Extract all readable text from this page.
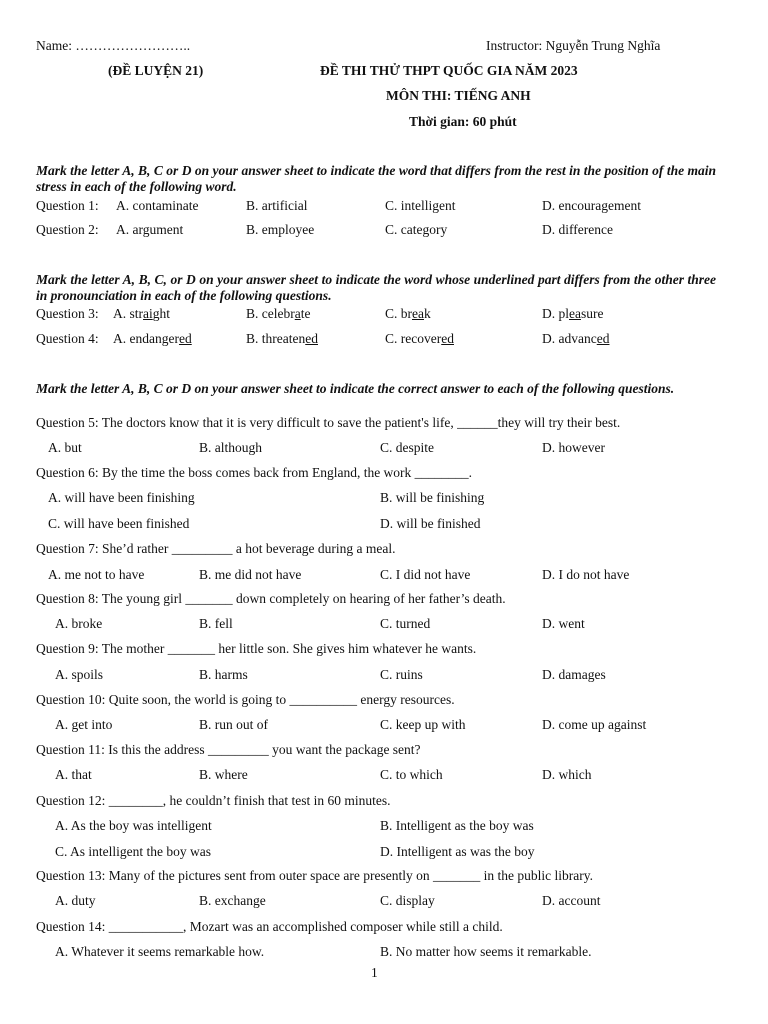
Name: ……………………..	Instructor: Nguyễn Trung Nghĩa
(ĐỀ LUYỆN 21)	ĐỀ THI THỬ THPT QUỐC GIA NĂM 2023
MÔN THI: TIẾNG ANH
Thời gian: 60 phút
Mark the letter A, B, C or D on your answer sheet to indicate the word that differs from the rest in the position of the main stress in each of the following word.
Question 1: A. contaminate	B. artificial	C. intelligent	D. encouragement
Question 2: A. argument	B. employee	C. category	D. difference
Mark the letter A, B, C, or D on your answer sheet to indicate the word whose underlined part differs from the other three in pronounciation in each of the following questions.
Question 3: A. straight	B. celebrate	C. break	D. pleasure
Question 4: A. endangered	B. threatened	C. recovered	D. advanced
Mark the letter A, B, C or D on your answer sheet to indicate the correct answer to each of the following questions.
Question 5: The doctors know that it is very difficult to save the patient's life, ______they will try their best.
A. but	B. although	C. despite	D. however
Question 6: By the time the boss comes back from England, the work ________.
A. will have been finishing	B. will be finishing
C. will have been finished	D. will be finished
Question 7: She’d rather _________ a hot beverage during a meal.
A. me not to have	B. me did not have	C. I did not have	D. I do not have
Question 8: The young girl _______ down completely on hearing of her father’s death.
A. broke	B. fell	C. turned	D. went
Question 9: The mother _______ her little son. She gives him whatever he wants.
A. spoils	B. harms	C. ruins	D. damages
Question 10: Quite soon, the world is going to __________ energy resources.
A. get into	B. run out of	C. keep up with	D. come up against
Question 11: Is this the address _________ you want the package sent?
A. that	B. where	C. to which	D. which
Question 12: ________, he couldn’t finish that test in 60 minutes.
A. As the boy was intelligent	B. Intelligent as the boy was
C. As intelligent the boy was	D. Intelligent as was the boy
Question 13: Many of the pictures sent from outer space are presently on _______ in the public library.
A. duty	B. exchange	C. display	D. account
Question 14: ___________, Mozart was an accomplished composer while still a child.
A. Whatever it seems remarkable how.	B. No matter how seems it remarkable.
1
